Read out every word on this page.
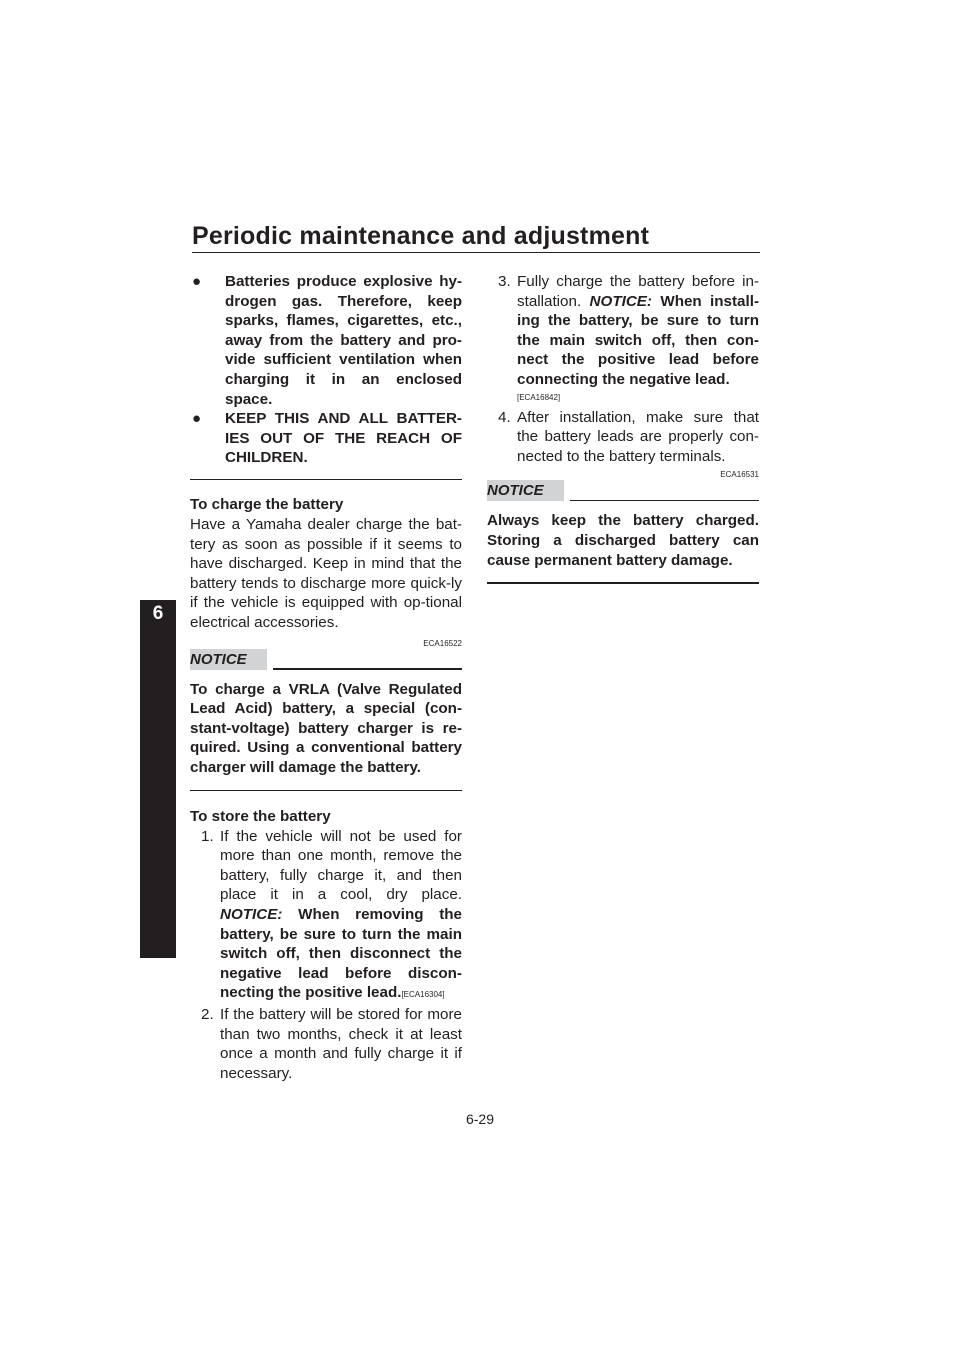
Periodic maintenance and adjustment
6

● Batteries produce explosive hy-drogen gas. Therefore, keep sparks, flames, cigarettes, etc., away from the battery and pro-vide sufficient ventilation when charging it in an enclosed space.

● KEEP THIS AND ALL BATTER-IES OUT OF THE REACH OF CHILDREN.

To charge the battery

Have a Yamaha dealer charge the bat-tery as soon as possible if it seems to have discharged. Keep in mind that the battery tends to discharge more quick-ly if the vehicle is equipped with op-tional electrical accessories.

ECA16522
NOTICE

To charge a VRLA (Valve Regulated Lead Acid) battery, a special (con-stant-voltage) battery charger is re-quired. Using a conventional battery charger will damage the battery.

To store the battery

1. If the vehicle will not be used for more than one month, remove the battery, fully charge it, and then place it in a cool, dry place. NOTICE: When removing the battery, be sure to turn the main switch off, then disconnect the negative lead before discon-necting the positive lead.[ECA16304]

2. If the battery will be stored for more than two months, check it at least once a month and fully charge it if necessary.

3. Fully charge the battery before in-stallation. NOTICE: When install-ing the battery, be sure to turn the main switch off, then con-nect the positive lead before connecting the negative lead.

[ECA16842]

4. After installation, make sure that the battery leads are properly con-nected to the battery terminals.

ECA16531
NOTICE

Always keep the battery charged. Storing a discharged battery can cause permanent battery damage.

6-29
